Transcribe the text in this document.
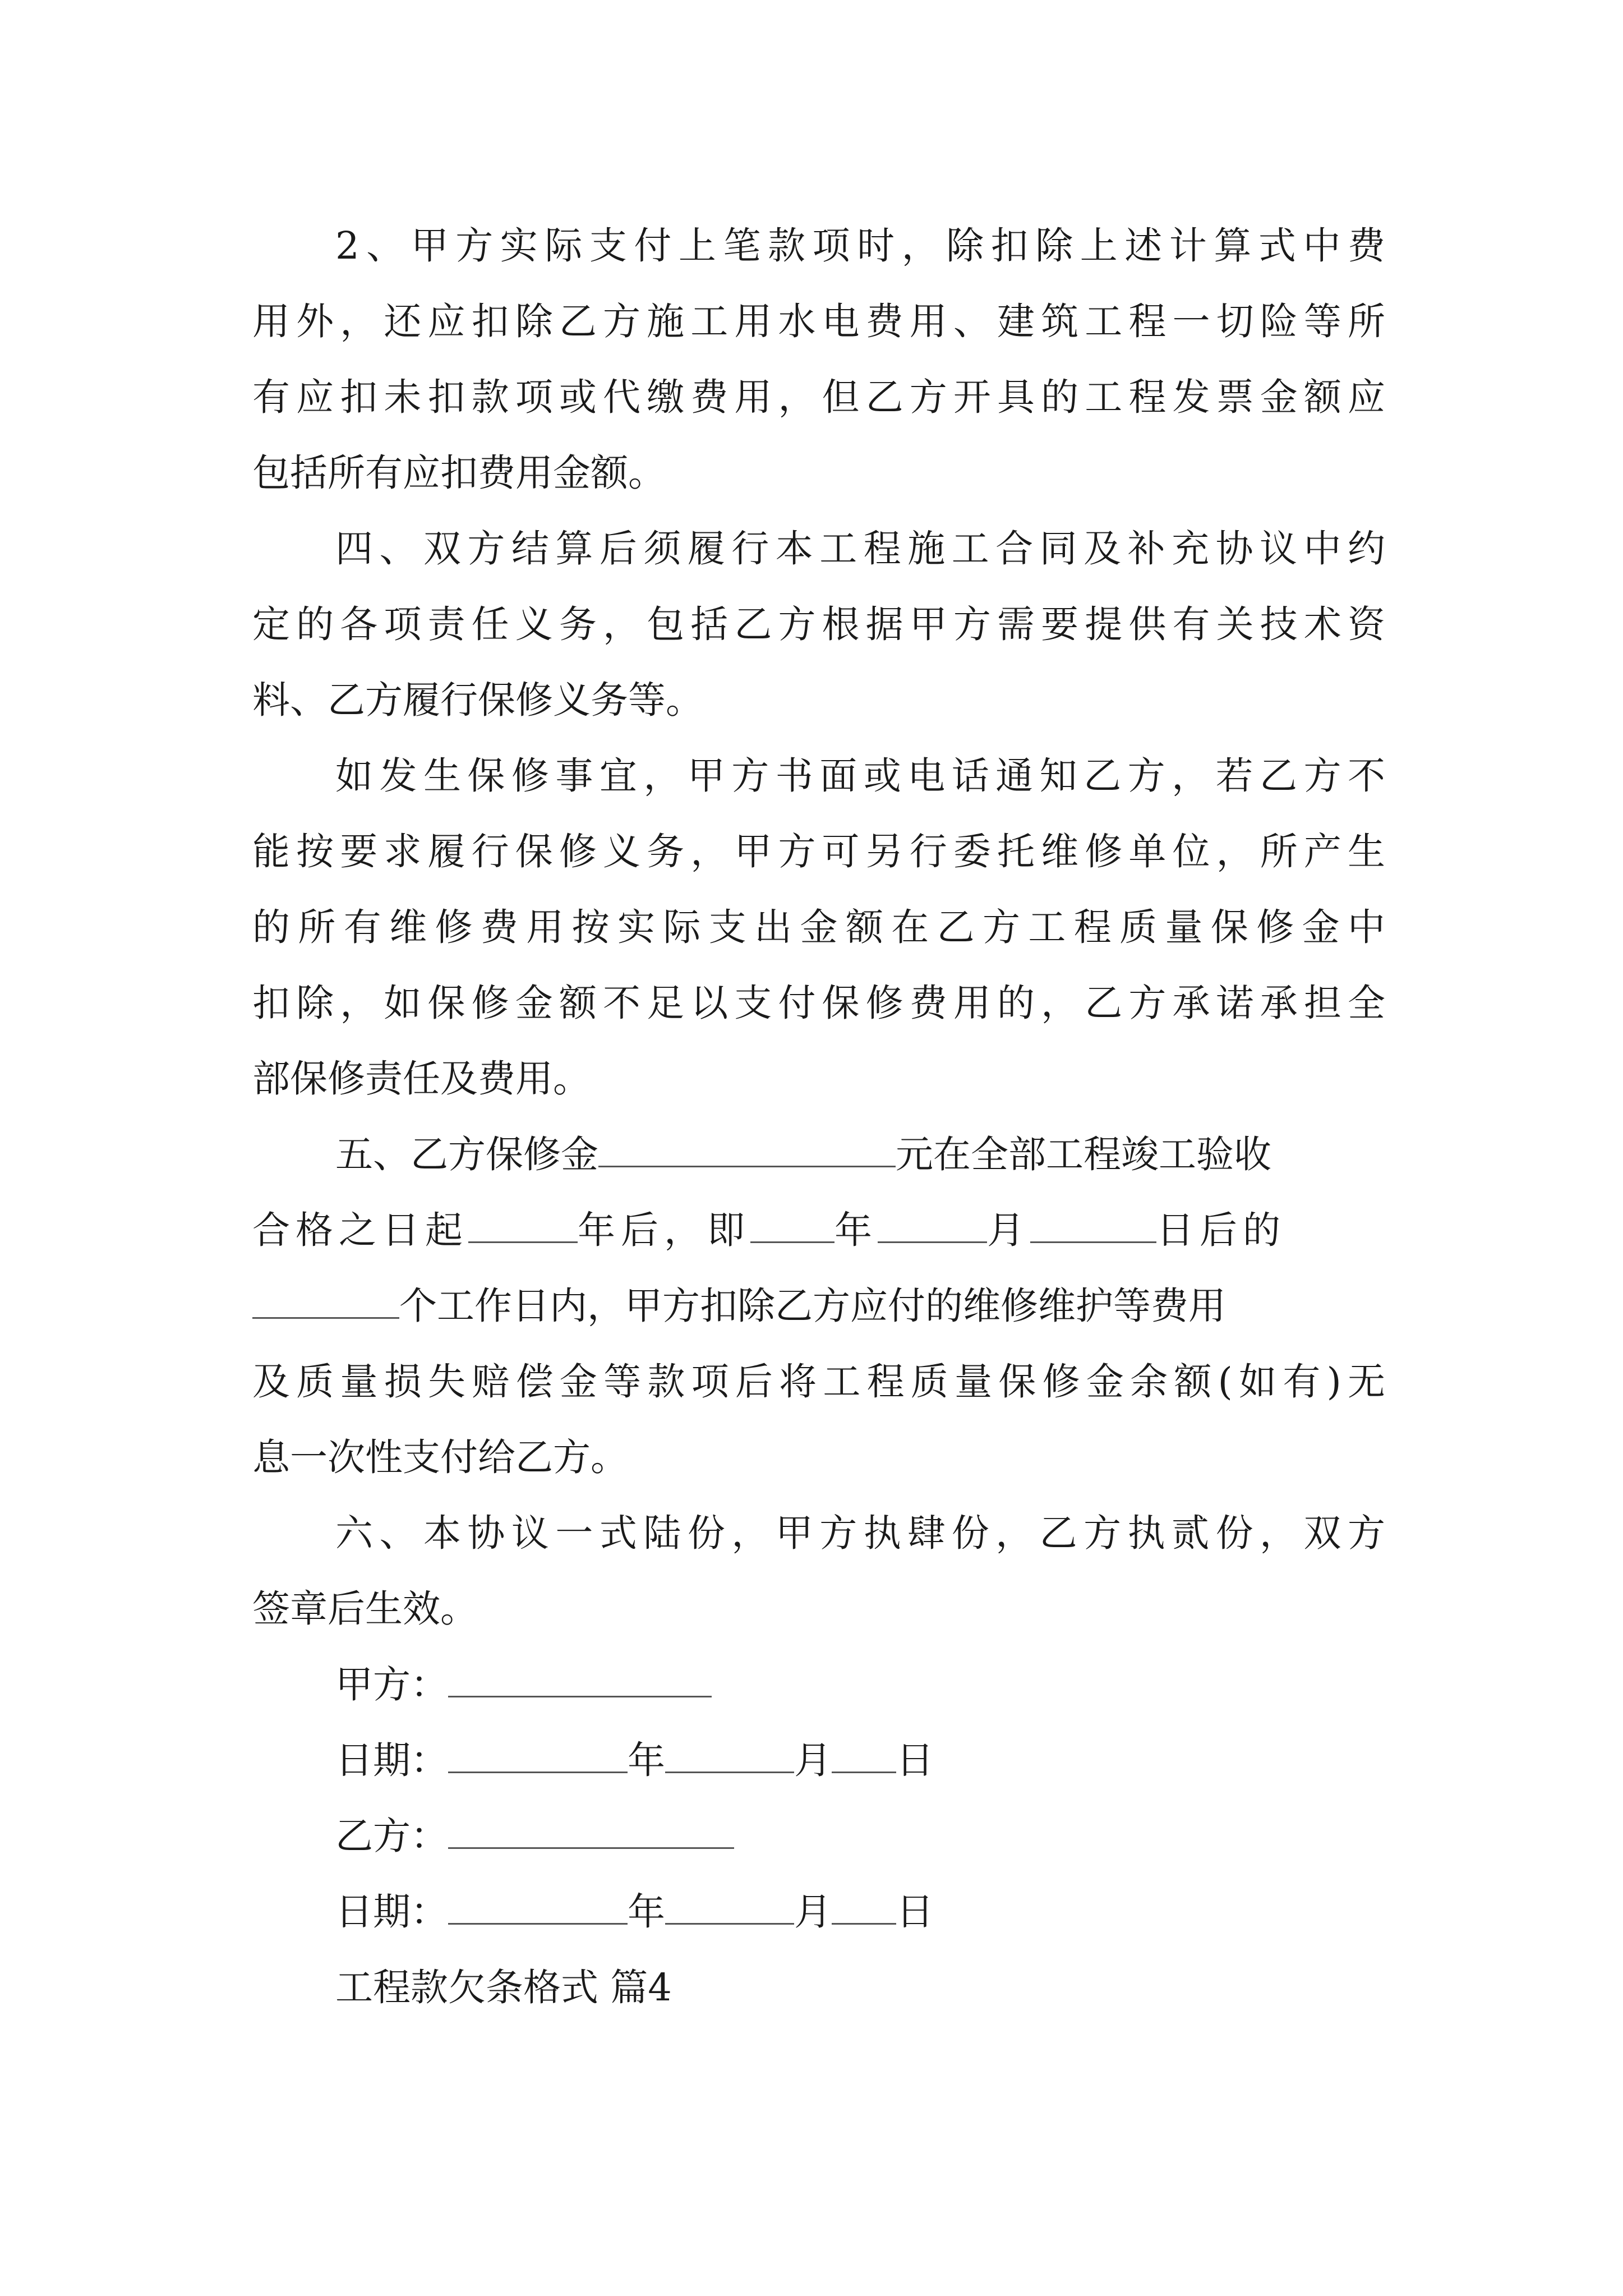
2、甲方实际支付上笔款项时，除扣除上述计算式中费
用外，还应扣除乙方施工用水电费用、建筑工程一切险等所
有应扣未扣款项或代缴费用，但乙方开具的工程发票金额应
包括所有应扣费用金额。
四、双方结算后须履行本工程施工合同及补充协议中约
定的各项责任义务，包括乙方根据甲方需要提供有关技术资
料、乙方履行保修义务等。
如发生保修事宜，甲方书面或电话通知乙方，若乙方不
能按要求履行保修义务，甲方可另行委托维修单位，所产生
的所有维修费用按实际支出金额在乙方工程质量保修金中
扣除，如保修金额不足以支付保修费用的，乙方承诺承担全
部保修责任及费用。
五、乙方保修金	元在全部工程竣工验收
合格之日起	年后，即 年	月	日后的
个工作日内，甲方扣除乙方应付的维修维护等费用
及质量损失赔偿金等款项后将工程质量保修金余额(如有)无
息一次性支付给乙方。
六、本协议一式陆份，甲方执肆份，乙方执贰份，双方
签章后生效。
甲方：
日期：	年	月 日
乙方：
日期：	年	月 日
工程款欠条格式 篇4
